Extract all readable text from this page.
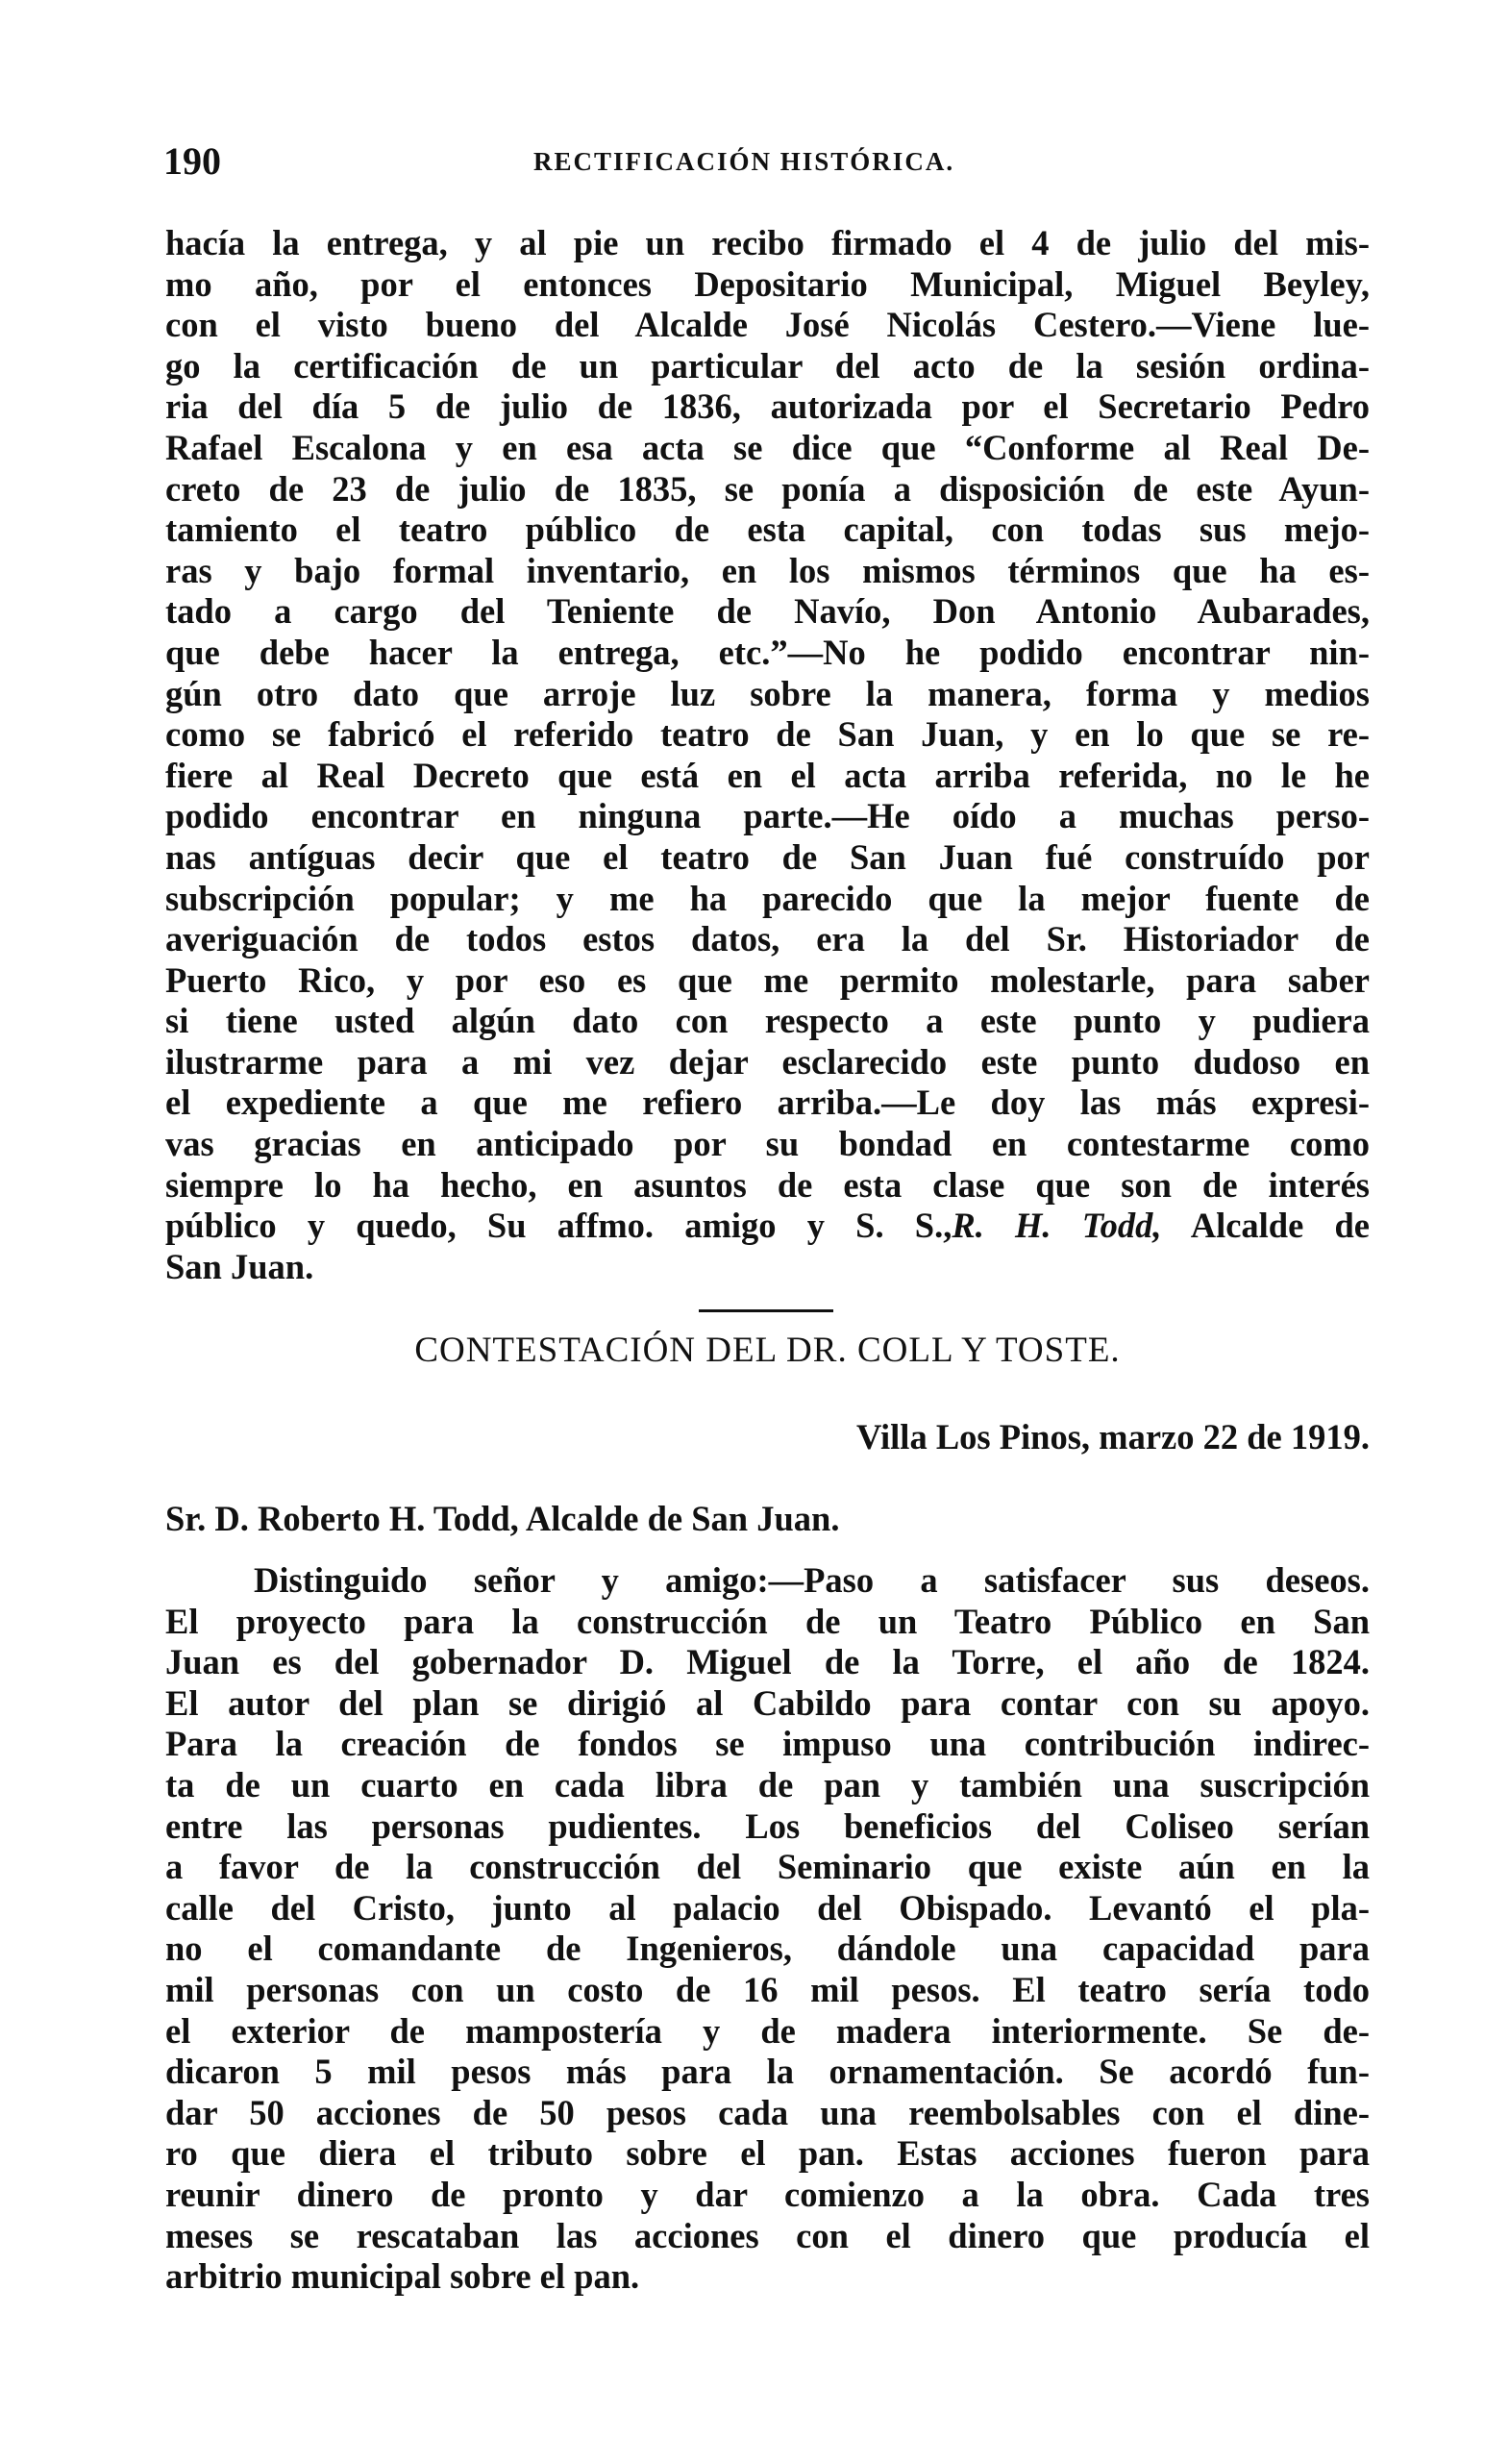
190	RECTIFICACIÓN HISTÓRICA.
hacía la entrega, y al pie un recibo firmado el 4 de julio del mis-
mo año, por el entonces Depositario Municipal, Miguel Beyley,
con el visto bueno del Alcalde José Nicolás Cestero.—Viene lue-
go la certificación de un particular del acto de la sesión ordina-
ria del día 5 de julio de 1836, autorizada por el Secretario Pedro
Rafael Escalona y en esa acta se dice que “Conforme al Real De-
creto de 23 de julio de 1835, se ponía a disposición de este Ayun-
tamiento el teatro público de esta capital, con todas sus mejo-
ras y bajo formal inventario, en los mismos términos que ha es-
tado a cargo del Teniente de Navío, Don Antonio Aubarades,
que debe hacer la entrega, etc.”—No he podido encontrar nin-
gún otro dato que arroje luz sobre la manera, forma y medios
como se fabricó el referido teatro de San Juan, y en lo que se re-
fiere al Real Decreto que está en el acta arriba referida, no le he
podido encontrar en ninguna parte.—He oído a muchas perso-
nas antíguas decir que el teatro de San Juan fué construído por
subscripción popular; y me ha parecido que la mejor fuente de
averiguación de todos estos datos, era la del Sr. Historiador de
Puerto Rico, y por eso es que me permito molestarle, para saber
si tiene usted algún dato con respecto a este punto y pudiera
ilustrarme para a mi vez dejar esclarecido este punto dudoso en
el expediente a que me refiero arriba.—Le doy las más expresi-
vas gracias en anticipado por su bondad en contestarme como
siempre lo ha hecho, en asuntos de esta clase que son de interés
público y quedo, Su affmo. amigo y S. S.,R. H. Todd, Alcalde de
San Juan.
CONTESTACIÓN DEL DR. COLL Y TOSTE.
Villa Los Pinos, marzo 22 de 1919.
Sr. D. Roberto H. Todd, Alcalde de San Juan.
Distinguido señor y amigo:—Paso a satisfacer sus deseos.
El proyecto para la construcción de un Teatro Público en San
Juan es del gobernador D. Miguel de la Torre, el año de 1824.
El autor del plan se dirigió al Cabildo para contar con su apoyo.
Para la creación de fondos se impuso una contribución indirec-
ta de un cuarto en cada libra de pan y también una suscripción
entre las personas pudientes. Los beneficios del Coliseo serían
a favor de la construcción del Seminario que existe aún en la
calle del Cristo, junto al palacio del Obispado. Levantó el pla-
no el comandante de Ingenieros, dándole una capacidad para
mil personas con un costo de 16 mil pesos. El teatro sería todo
el exterior de mampostería y de madera interiormente. Se de-
dicaron 5 mil pesos más para la ornamentación. Se acordó fun-
dar 50 acciones de 50 pesos cada una reembolsables con el dine-
ro que diera el tributo sobre el pan. Estas acciones fueron para
reunir dinero de pronto y dar comienzo a la obra. Cada tres
meses se rescataban las acciones con el dinero que producía el
arbitrio municipal sobre el pan.
